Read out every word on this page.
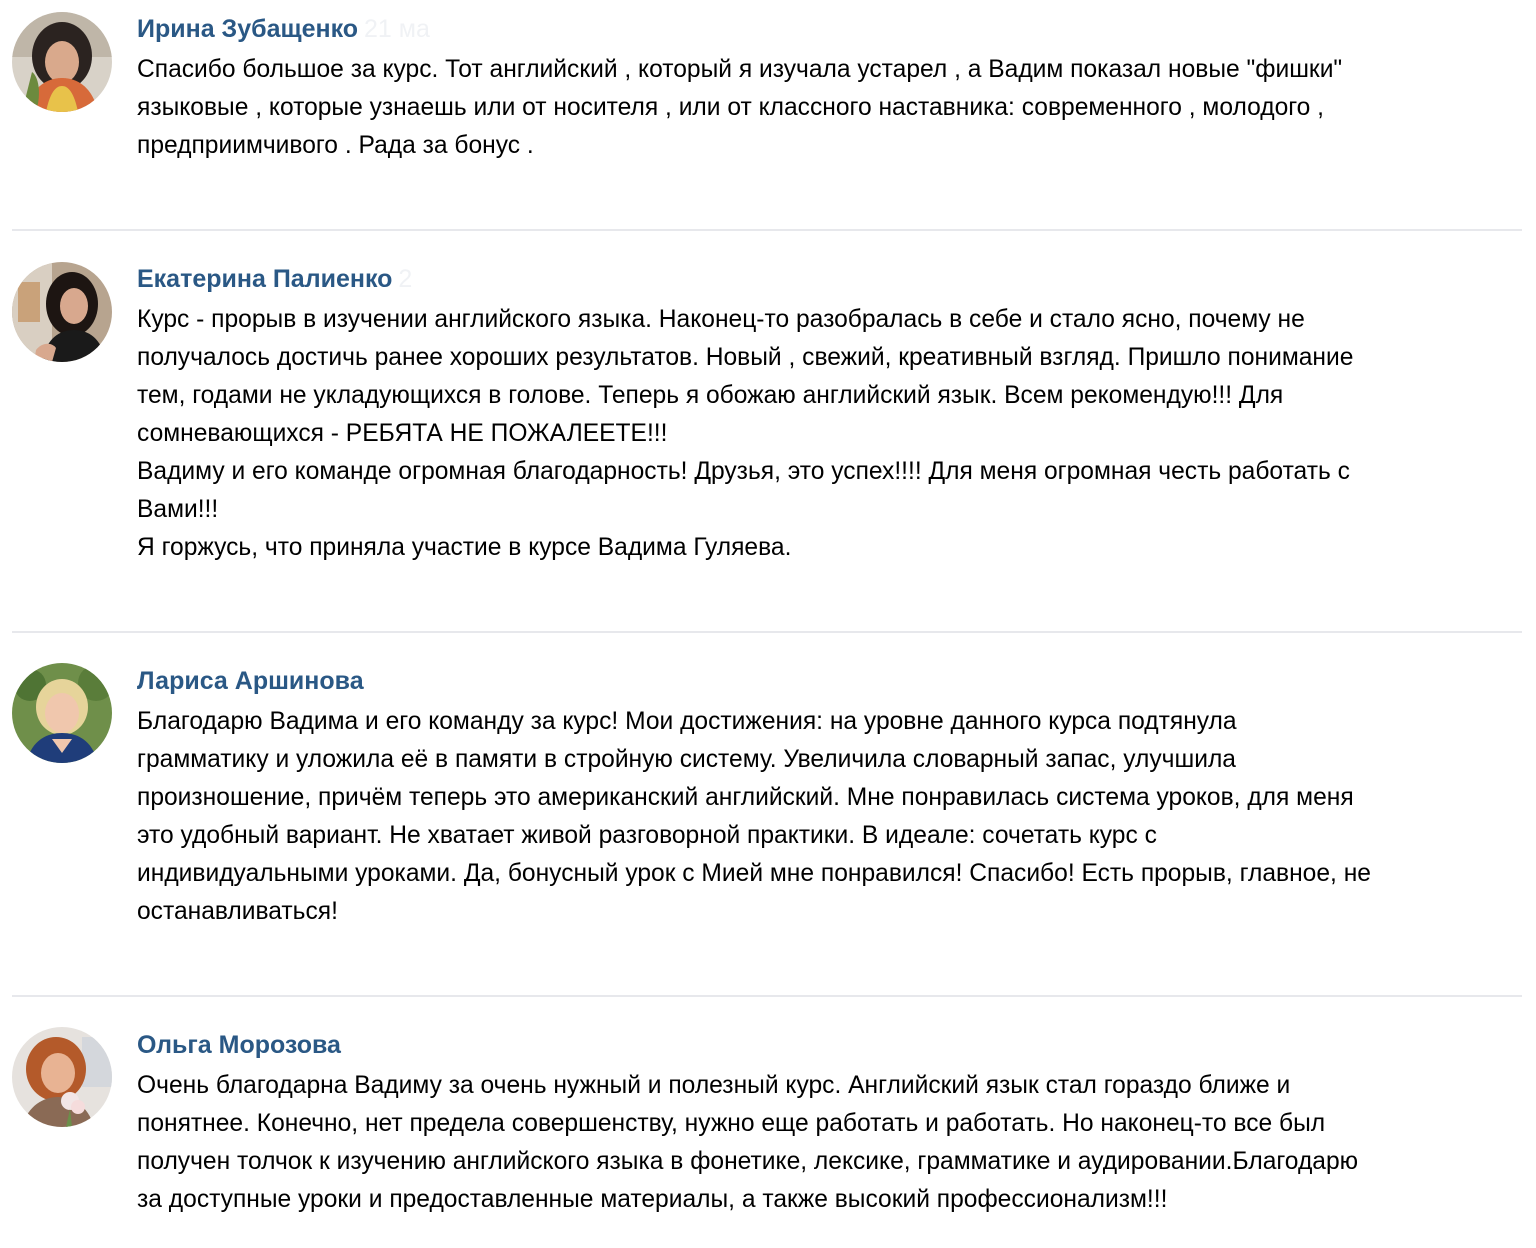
Ирина Зубащенко 21 ма
Спасибо большое за курс. Тот английский , который я изучала устарел , а Вадим показал новые "фишки"
языковые , которые узнаешь или от носителя , или от классного наставника: современного , молодого ,
предприимчивого . Рада за бонус .
Екатерина Палиенко 2
Курс - прорыв в изучении английского языка. Наконец-то разобралась в себе и стало ясно, почему не
получалось достичь ранее хороших результатов. Новый , свежий, креативный взгляд. Пришло понимание
тем, годами не укладующихся в голове. Теперь я обожаю английский язык. Всем рекомендую!!! Для
сомневающихся - РЕБЯТА НЕ ПОЖАЛЕЕТЕ!!!
Вадиму и его команде огромная благодарность! Друзья, это успех!!!! Для меня огромная честь работать с
Вами!!!
Я горжусь, что приняла участие в курсе Вадима Гуляева.
Лариса Аршинова
Благодарю Вадима и его команду за курс! Мои достижения: на уровне данного курса подтянула
грамматику и уложила её в памяти в стройную систему. Увеличила словарный запас, улучшила
произношение, причём теперь это американский английский. Мне понравилась система уроков, для меня
это удобный вариант. Не хватает живой разговорной практики. В идеале: сочетать курс с
индивидуальными уроками. Да, бонусный урок с Мией мне понравился! Спасибо! Есть прорыв, главное, не
останавливаться!
Ольга Морозова
Очень благодарна Вадиму за очень нужный и полезный курс. Английский язык стал гораздо ближе и
понятнее. Конечно, нет предела совершенству, нужно еще работать и работать. Но наконец-то все был
получен толчок к изучению английского языка в фонетике, лексике, грамматике и аудировании.Благодарю
за доступные уроки и предоставленные материалы, а также высокий профессионализм!!!
